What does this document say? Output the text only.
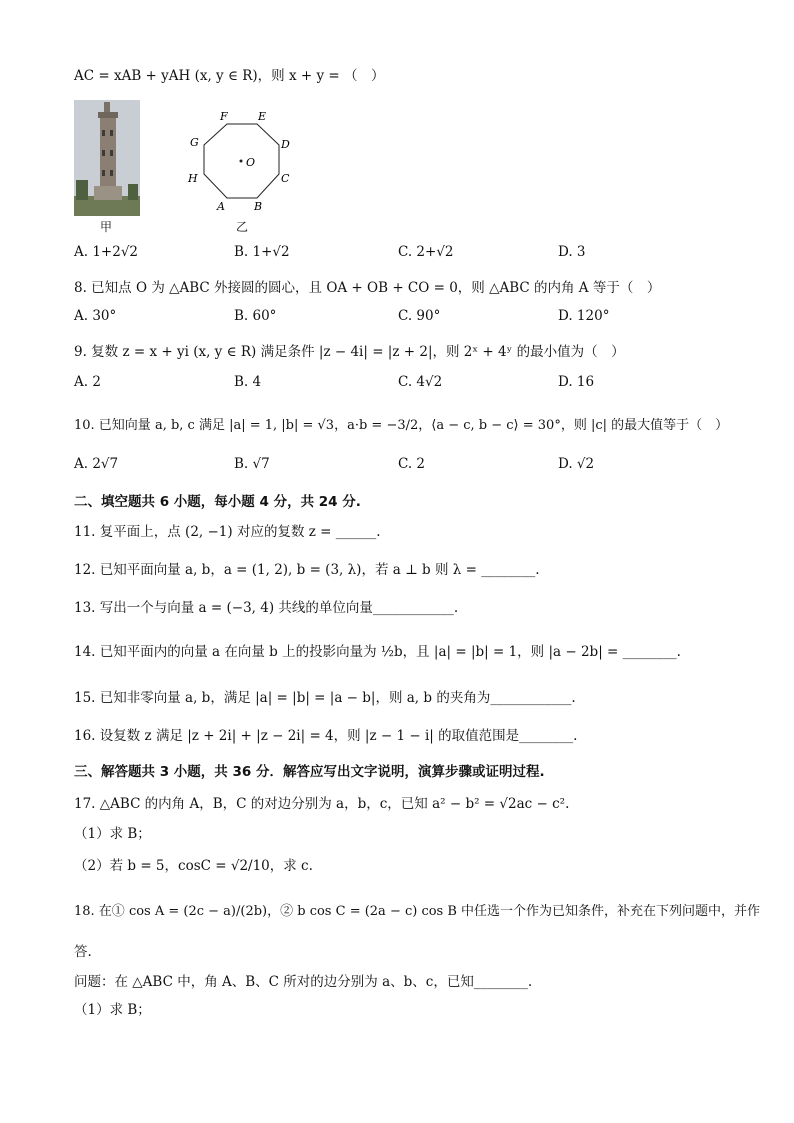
AC = xAB + yAH (x, y ∈ R)，则 x + y = （　）
甲
O
F	E
G	D
H	C
A	B
乙
A. 1+2√2	B. 1+√2	C. 2+√2	D. 3
8. 已知点 O 为 △ABC 外接圆的圆心，且 OA + OB + CO = 0，则 △ABC 的内角 A 等于（　）
A. 30°	B. 60°	C. 90°	D. 120°
9. 复数 z = x + yi (x, y ∈ R) 满足条件 |z − 4i| = |z + 2|，则 2ˣ + 4ʸ 的最小值为（　）
A. 2	B. 4	C. 4√2	D. 16
10. 已知向量 a, b, c 满足 |a| = 1, |b| = √3，a·b = −3/2，⟨a − c, b − c⟩ = 30°，则 |c| 的最大值等于（　）
A. 2√7	B. √7	C. 2	D. √2
二、填空题共 6 小题，每小题 4 分，共 24 分.
11. 复平面上，点 (2, −1) 对应的复数 z = ______.
12. 已知平面向量 a, b，a = (1, 2), b = (3, λ)，若 a ⊥ b 则 λ = ________.
13. 写出一个与向量 a = (−3, 4) 共线的单位向量____________.
14. 已知平面内的向量 a 在向量 b 上的投影向量为 ½b，且 |a| = |b| = 1，则 |a − 2b| = ________.
15. 已知非零向量 a, b，满足 |a| = |b| = |a − b|，则 a, b 的夹角为____________.
16. 设复数 z 满足 |z + 2i| + |z − 2i| = 4，则 |z − 1 − i| 的取值范围是________.
三、解答题共 3 小题，共 36 分．解答应写出文字说明，演算步骤或证明过程.
17. △ABC 的内角 A，B，C 的对边分别为 a，b，c，已知 a² − b² = √2ac − c².
（1）求 B；
（2）若 b = 5，cosC = √2/10，求 c.
18. 在① cos A = (2c − a)/(2b)，② b cos C = (2a − c) cos B 中任选一个作为已知条件，补充在下列问题中，并作
答.
问题：在 △ABC 中，角 A、B、C 所对的边分别为 a、b、c，已知________.
（1）求 B；
